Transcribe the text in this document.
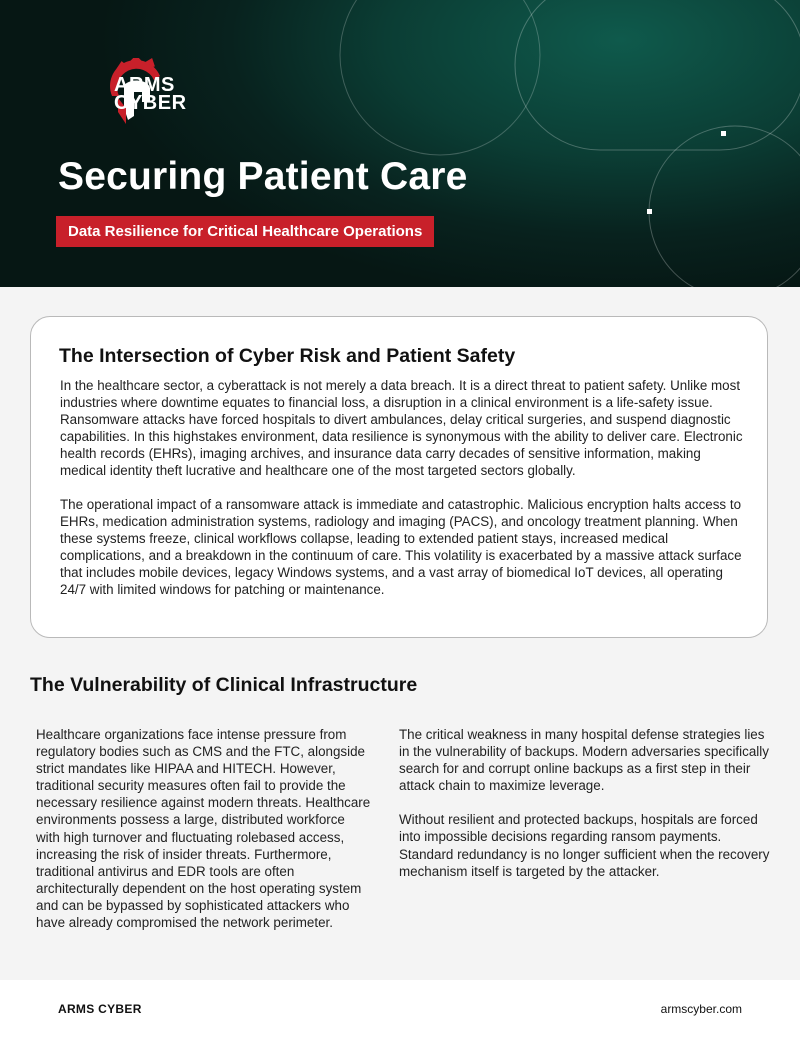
ARMS
CYBER
Securing Patient Care
Data Resilience for Critical Healthcare Operations
The Intersection of Cyber Risk and Patient Safety

In the healthcare sector, a cyberattack is not merely a data breach. It is a direct threat to patient safety. Unlike most industries where downtime equates to financial loss, a disruption in a clinical environment is a life-safety issue. Ransomware attacks have forced hospitals to divert ambulances, delay critical surgeries, and suspend diagnostic capabilities. In this highstakes environment, data resilience is synonymous with the ability to deliver care. Electronic health records (EHRs), imaging archives, and insurance data carry decades of sensitive information, making medical identity theft lucrative and healthcare one of the most targeted sectors globally.

The operational impact of a ransomware attack is immediate and catastrophic. Malicious encryption halts access to EHRs, medication administration systems, radiology and imaging (PACS), and oncology treatment planning. When these systems freeze, clinical workflows collapse, leading to extended patient stays, increased medical complications, and a breakdown in the continuum of care. This volatility is exacerbated by a massive attack surface that includes mobile devices, legacy Windows systems, and a vast array of biomedical IoT devices, all operating 24/7 with limited windows for patching or maintenance.

The Vulnerability of Clinical Infrastructure

Healthcare organizations face intense pressure from regulatory bodies such as CMS and the FTC, alongside strict mandates like HIPAA and HITECH. However, traditional security measures often fail to provide the necessary resilience against modern threats. Healthcare environments possess a large, distributed workforce with high turnover and fluctuating rolebased access, increasing the risk of insider threats. Furthermore, traditional antivirus and EDR tools are often architecturally dependent on the host operating system and can be bypassed by sophisticated attackers who have already compromised the network perimeter.

The critical weakness in many hospital defense strategies lies in the vulnerability of backups. Modern adversaries specifically search for and corrupt online backups as a first step in their attack chain to maximize leverage.

Without resilient and protected backups, hospitals are forced into impossible decisions regarding ransom payments. Standard redundancy is no longer sufficient when the recovery mechanism itself is targeted by the attacker.

ARMS CYBER	armscyber.com
